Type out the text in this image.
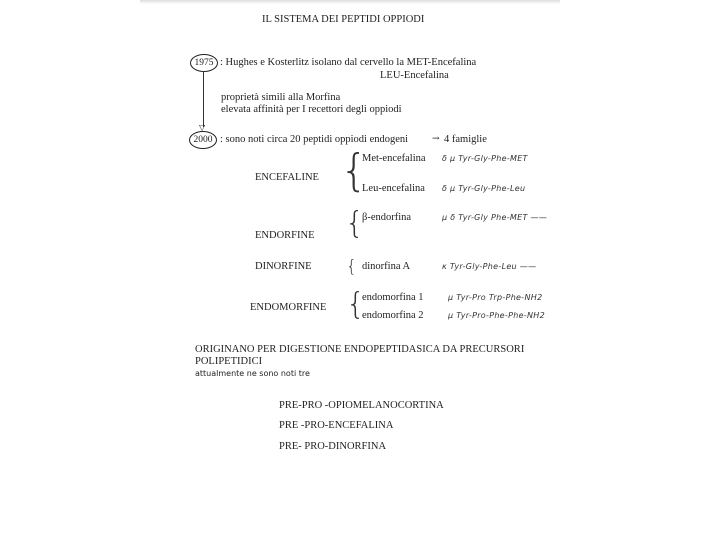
IL SISTEMA DEI PEPTIDI OPPIODI
1975 : Hughes e Kosterlitz isolano dal cervello la MET-Encefalina
LEU-Encefalina
▽
proprietà simili alla Morfina
elevata affinità per I recettori degli oppiodi
2000 : sono noti circa 20 peptidi oppiodi endogeni	→ 4 famiglie
ENCEFALINE {
Met-encefalina δ μ Tyr-Gly-Phe-MET
Leu-encefalina δ μ Tyr-Gly-Phe-Leu
ENDORFINE {
β-endorfina	μ δ Tyr-Gly Phe-MET ——
DINORFINE { dinorfina A	κ Tyr-Gly-Phe-Leu ——
ENDOMORFINE {
endomorfina 1	μ Tyr-Pro Trp-Phe-NH2
endomorfina 2	μ Tyr-Pro-Phe-Phe-NH2
ORIGINANO PER DIGESTIONE ENDOPEPTIDASICA DA PRECURSORI
POLIPETIDICI
attualmente ne sono noti tre
PRE-PRO -OPIOMELANOCORTINA
PRE -PRO-ENCEFALINA
PRE- PRO-DINORFINA
